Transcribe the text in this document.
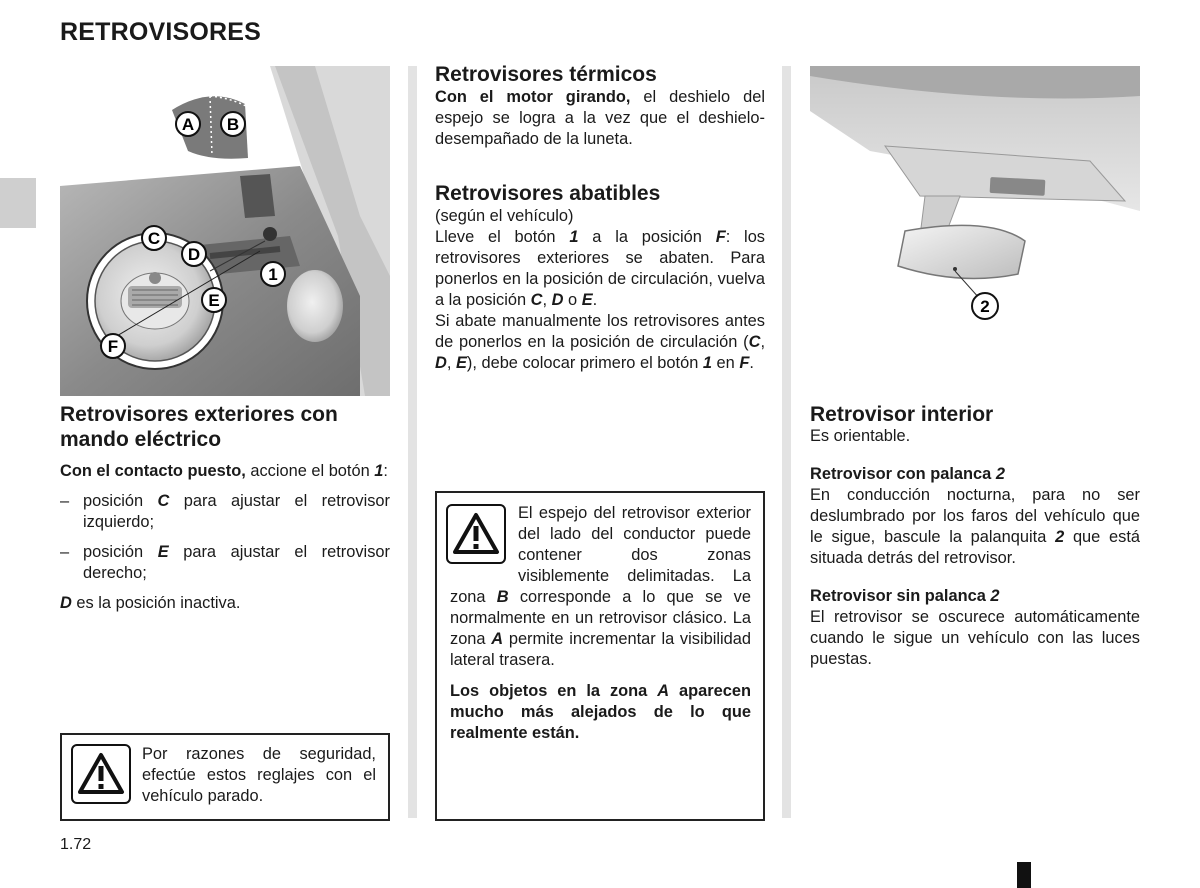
RETROVISORES
A B
C
D
1
E
F
2
Retrovisores exteriores con mando eléctrico

Con el contacto puesto, accione el botón 1:

– posición C para ajustar el retrovisor izquierdo;
– posición E para ajustar el retrovisor derecho;

D es la posición inactiva.

Por razones de seguridad, efectúe estos reglajes con el vehículo parado.
1.72
Retrovisores térmicos

Con el motor girando, el deshielo del espejo se logra a la vez que el deshielo-desempañado de la luneta.

Retrovisores abatibles

(según el vehículo)

Lleve el botón 1 a la posición F: los retrovisores exteriores se abaten. Para ponerlos en la posición de circulación, vuelva a la posición C, D o E.

Si abate manualmente los retrovisores antes de ponerlos en la posición de circulación (C, D, E), debe colocar primero el botón 1 en F.

El espejo del retrovisor exterior del lado del conductor puede contener dos zonas visiblemente delimitadas. La zona B corresponde a lo que se ve normalmente en un retrovisor clásico. La zona A permite incrementar la visibilidad lateral trasera.

Los objetos en la zona A aparecen mucho más alejados de lo que realmente están.

Retrovisor interior

Es orientable.

Retrovisor con palanca 2

En conducción nocturna, para no ser deslumbrado por los faros del vehículo que le sigue, bascule la palanquita 2 que está situada detrás del retrovisor.

Retrovisor sin palanca 2

El retrovisor se oscurece automáticamente cuando le sigue un vehículo con las luces puestas.
